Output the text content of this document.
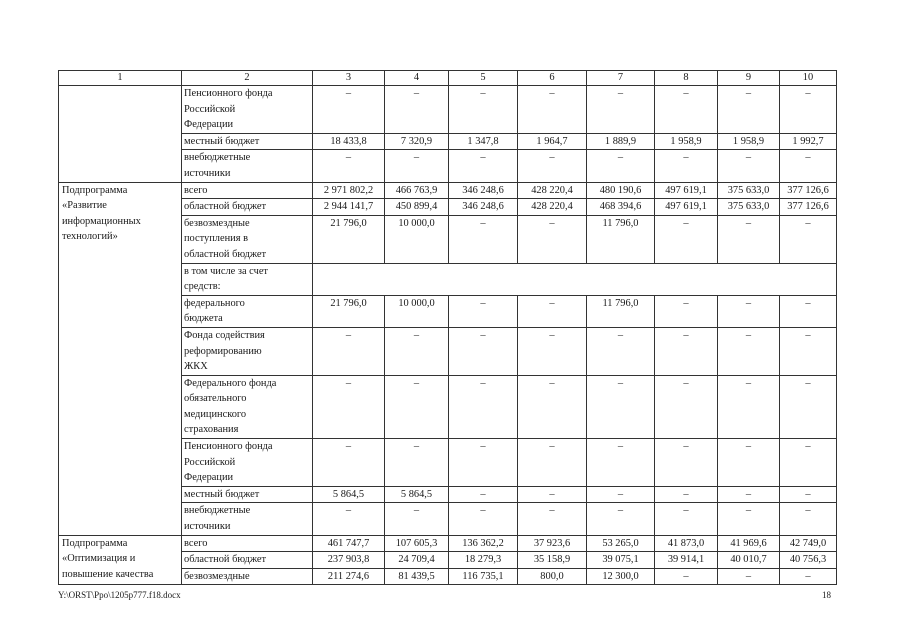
1	2	3	4	5	6	7	8	9	10
	Пенсионного фонда
Российской
Федерации	–	–	–	–	–	–	–	–
	местный бюджет	18 433,8	7 320,9	1 347,8	1 964,7	1 889,9	1 958,9	1 958,9	1 992,7
	внебюджетные
источники	–	–	–	–	–	–	–	–
Подпрограмма
«Развитие
информационных
технологий»	всего	2 971 802,2	466 763,9	346 248,6	428 220,4	480 190,6	497 619,1	375 633,0	377 126,6
	областной бюджет	2 944 141,7	450 899,4	346 248,6	428 220,4	468 394,6	497 619,1	375 633,0	377 126,6
	безвозмездные
поступления в
областной бюджет	21 796,0	10 000,0	–	–	11 796,0	–	–	–
	в том числе за счет
средств:								
	федерального
бюджета	21 796,0	10 000,0	–	–	11 796,0	–	–	–
	Фонда содействия
реформированию
ЖКХ	–	–	–	–	–	–	–	–
	Федерального фонда
обязательного
медицинского
страхования	–	–	–	–	–	–	–	–
	Пенсионного фонда
Российской
Федерации	–	–	–	–	–	–	–	–
	местный бюджет	5 864,5	5 864,5	–	–	–	–	–	–
	внебюджетные
источники	–	–	–	–	–	–	–	–
Подпрограмма
«Оптимизация и
повышение качества	всего	461 747,7	107 605,3	136 362,2	37 923,6	53 265,0	41 873,0	41 969,6	42 749,0
	областной бюджет	237 903,8	24 709,4	18 279,3	35 158,9	39 075,1	39 914,1	40 010,7	40 756,3
	безвозмездные	211 274,6	81 439,5	116 735,1	800,0	12 300,0	–	–	–
Y:\ORST\Ppo\1205p777.f18.docx	18
